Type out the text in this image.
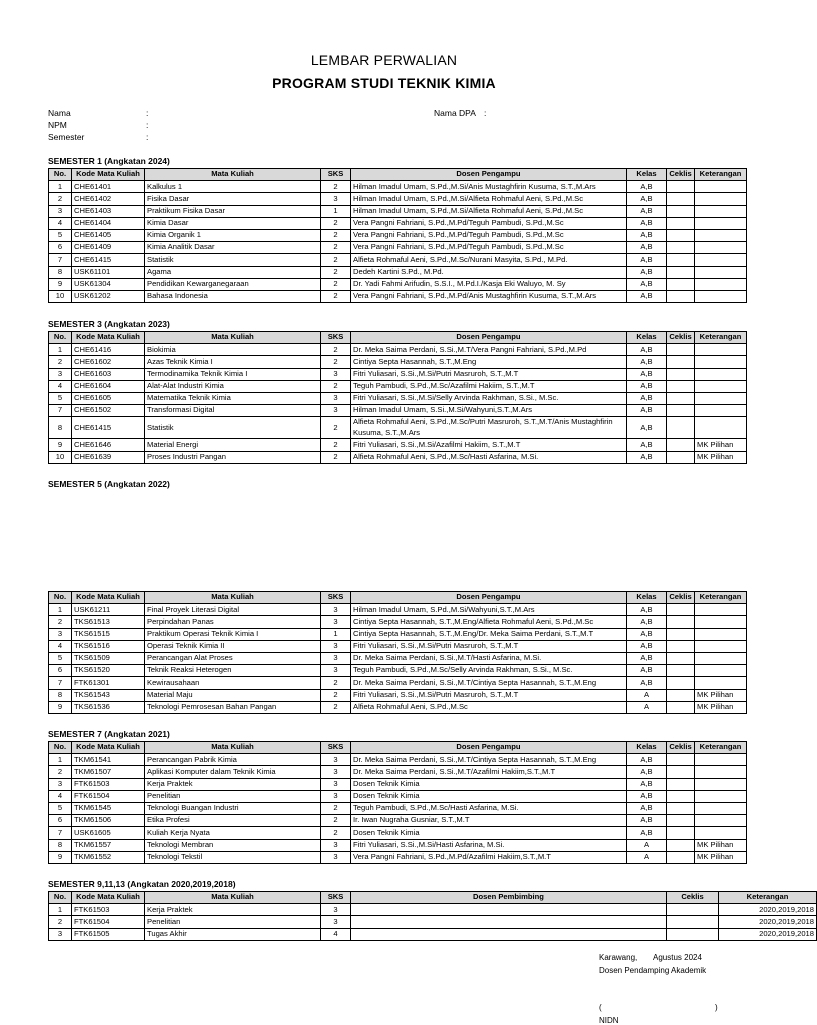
LEMBAR PERWALIAN
PROGRAM STUDI TEKNIK KIMIA
Nama	:
NPM	:
Semester	:
Nama DPA :
SEMESTER 1 (Angkatan 2024)
No.	Kode Mata Kuliah	Mata Kuliah	SKS	Dosen Pengampu	Kelas	Ceklis	Keterangan
1	CHE61401	Kalkulus 1	2	Hilman Imadul Umam, S.Pd.,M.Si/Anis Mustaghfirin Kusuma, S.T.,M.Ars	A,B		
2	CHE61402	Fisika Dasar	3	Hilman Imadul Umam, S.Pd.,M.Si/Alfieta Rohmaful Aeni, S.Pd.,M.Sc	A,B		
3	CHE61403	Praktikum Fisika Dasar	1	Hilman Imadul Umam, S.Pd.,M.Si/Alfieta Rohmaful Aeni, S.Pd.,M.Sc	A,B		
4	CHE61404	Kimia Dasar	2	Vera Pangni Fahriani, S.Pd.,M.Pd/Teguh Pambudi, S.Pd.,M.Sc	A,B		
5	CHE61405	Kimia Organik 1	2	Vera Pangni Fahriani, S.Pd.,M.Pd/Teguh Pambudi, S.Pd.,M.Sc	A,B		
6	CHE61409	Kimia Analitik Dasar	2	Vera Pangni Fahriani, S.Pd.,M.Pd/Teguh Pambudi, S.Pd.,M.Sc	A,B		
7	CHE61415	Statistik	2	Alfieta Rohmaful Aeni, S.Pd.,M.Sc/Nurani Masyita, S.Pd., M.Pd.	A,B		
8	USK61101	Agama	2	Dedeh Kartini S.Pd., M.Pd.	A,B		
9	USK61304	Pendidikan Kewarganegaraan	2	Dr. Yadi Fahmi Arifudin, S.S.I., M.Pd.I./Kasja Eki Waluyo, M. Sy	A,B		
10	USK61202	Bahasa Indonesia	2	Vera Pangni Fahriani, S.Pd.,M.Pd/Anis Mustaghfirin Kusuma, S.T.,M.Ars	A,B		
SEMESTER 3 (Angkatan 2023)
No.	Kode Mata Kuliah	Mata Kuliah	SKS	Dosen Pengampu	Kelas	Ceklis	Keterangan
1	CHE61416	Biokimia	2	Dr. Meka Saima Perdani, S.Si.,M.T/Vera Pangni Fahriani, S.Pd.,M.Pd	A,B		
2	CHE61602	Azas Teknik Kimia I	2	Cintiya Septa Hasannah, S.T.,M.Eng	A,B		
3	CHE61603	Termodinamika Teknik Kimia I	3	Fitri Yuliasari, S.Si.,M.Si/Putri Masruroh, S.T.,M.T	A,B		
4	CHE61604	Alat-Alat Industri Kimia	2	Teguh Pambudi, S.Pd.,M.Sc/Azafilmi Hakiim, S.T.,M.T	A,B		
5	CHE61605	Matematika Teknik Kimia	3	Fitri Yuliasari, S.Si.,M.Si/Selly Arvinda Rakhman, S.Si., M.Sc.	A,B		
7	CHE61502	Transformasi Digital	3	Hilman Imadul Umam, S.Si.,M.Si/Wahyuni,S.T.,M.Ars	A,B		
8	CHE61415	Statistik	2	Alfieta Rohmaful Aeni, S.Pd.,M.Sc/Putri Masruroh, S.T.,M.T/Anis Mustaghfirin Kusuma, S.T.,M.Ars	A,B		
9	CHE61646	Material Energi	2	Fitri Yuliasari, S.Si.,M.Si/Azafilmi Hakiim, S.T.,M.T	A,B		MK Pilihan
10	CHE61639	Proses Industri Pangan	2	Alfieta Rohmaful Aeni, S.Pd.,M.Sc/Hasti Asfarina, M.Si.	A,B		MK Pilihan
SEMESTER 5 (Angkatan 2022)
No.	Kode Mata Kuliah	Mata Kuliah	SKS	Dosen Pengampu	Kelas	Ceklis	Keterangan
1	USK61211	Final Proyek Literasi Digital	3	Hilman Imadul Umam, S.Pd.,M.Si/Wahyuni,S.T.,M.Ars	A,B		
2	TKS61513	Perpindahan Panas	3	Cintiya Septa Hasannah, S.T.,M.Eng/Alfieta Rohmaful Aeni, S.Pd.,M.Sc	A,B		
3	TKS61515	Praktikum Operasi Teknik Kimia I	1	Cintiya Septa Hasannah, S.T.,M.Eng/Dr. Meka Saima Perdani, S.T.,M.T	A,B		
4	TKS61516	Operasi Teknik Kimia II	3	Fitri Yuliasari, S.Si.,M.Si/Putri Masruroh, S.T.,M.T	A,B		
5	TKS61509	Perancangan Alat Proses	3	Dr. Meka Saima Perdani, S.Si.,M.T/Hasti Asfarina, M.Si.	A,B		
6	TKS61520	Teknik Reaksi Heterogen	3	Teguh Pambudi, S.Pd.,M.Sc/Selly Arvinda Rakhman, S.Si., M.Sc.	A,B		
7	FTK61301	Kewirausahaan	2	Dr. Meka Saima Perdani, S.Si.,M.T/Cintiya Septa Hasannah, S.T.,M.Eng	A,B		
8	TKS61543	Material Maju	2	Fitri Yuliasari, S.Si.,M.Si/Putri Masruroh, S.T.,M.T	A		MK Pilihan
9	TKS61536	Teknologi Pemrosesan Bahan Pangan	2	Alfieta Rohmaful Aeni, S.Pd.,M.Sc	A		MK Pilihan
SEMESTER 7 (Angkatan 2021)
No.	Kode Mata Kuliah	Mata Kuliah	SKS	Dosen Pengampu	Kelas	Ceklis	Keterangan
1	TKM61541	Perancangan Pabrik Kimia	3	Dr. Meka Saima Perdani, S.Si.,M.T/Cintiya Septa Hasannah, S.T.,M.Eng	A,B		
2	TKM61507	Aplikasi Komputer dalam Teknik Kimia	3	Dr. Meka Saima Perdani, S.Si.,M.T/Azafilmi Hakiim,S.T.,M.T	A,B		
3	FTK61503	Kerja Praktek	3	Dosen Teknik Kimia	A,B		
4	FTK61504	Penelitian	3	Dosen Teknik Kimia	A,B		
5	TKM61545	Teknologi Buangan Industri	2	Teguh Pambudi, S.Pd.,M.Sc/Hasti Asfarina, M.Si.	A,B		
6	TKM61506	Etika Profesi	2	Ir. Iwan Nugraha Gusniar, S.T.,M.T	A,B		
7	USK61605	Kuliah Kerja Nyata	2	Dosen Teknik Kimia	A,B		
8	TKM61557	Teknologi Membran	3	Fitri Yuliasari, S.Si.,M.Si/Hasti Asfarina, M.Si.	A		MK Pilihan
9	TKM61552	Teknologi Tekstil	3	Vera Pangni Fahriani, S.Pd.,M.Pd/Azafilmi Hakiim,S.T.,M.T	A		MK Pilihan
SEMESTER 9,11,13 (Angkatan 2020,2019,2018)
No.	Kode Mata Kuliah	Mata Kuliah	SKS	Dosen Pembimbing	Ceklis	Keterangan
1	FTK61503	Kerja Praktek	3			2020,2019,2018
2	FTK61504	Penelitian	3			2020,2019,2018
3	FTK61505	Tugas Akhir	4			2020,2019,2018
Karawang, Agustus 2024
Dosen Pendamping Akademik
(	)
NIDN
